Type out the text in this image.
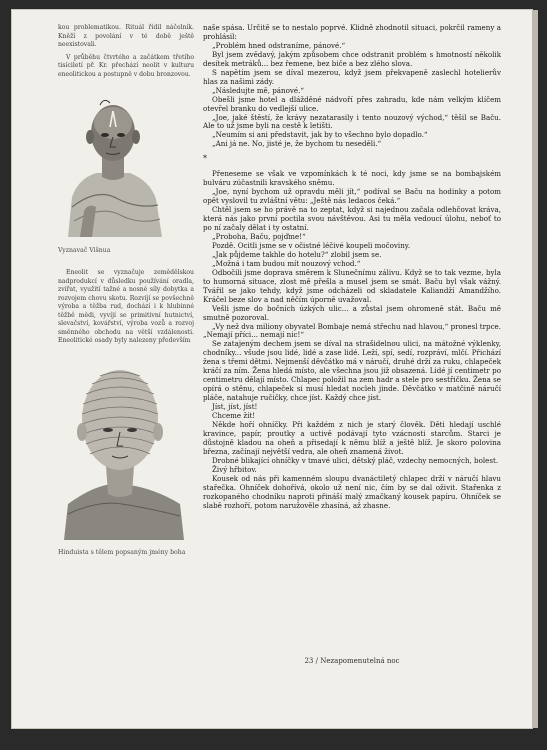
kou problematikou. Rituál řídil náčelník. Kněží z povolání v té době ještě neexistovali.

V průběhu čtvrtého a začátkem třetího tisíciletí př. Kr. přechází neolit v kulturu eneolitickou a postupně v dobu bronzovou.

Vyznavač Višnua

Eneolit se vyznačuje zemědělskou nadprodukcí v důsledku používání oradla, zvířat, využití tažné a nosné síly dobytka a rozvojem chovu skotu. Rozvíjí se povšechně výroba a těžba rud, dochází i k hlubinné těžbě mědi, vyvíjí se primitivní hutnictví, slevačství, kovářství, výroba vozů a rozvoj směnného obchodu na větší vzdálenosti. Eneolitické osady byly nalezeny především

Hinduista s tělem popsaným jmény boha

naše spása. Určitě se to nestalo poprvé. Klidně zhodnotil situaci, pokrčil rameny a prohlásil:

„Problém hned odstraníme, pánové.“

Byl jsem zvědavý, jakým způsobem chce odstranit problém s hmotností několik desítek metráků... bez řemene, bez biče a bez zlého slova.

S napětím jsem se díval mezerou, když jsem překvapeně zaslechl hotelierův hlas za našimi zády.

„Následujte mě, pánové.“

Obešli jsme hotel a dlážděné nádvoří přes zahradu, kde nám velkým klíčem otevřel branku do vedlejší ulice.

„Joe, jaké štěstí, že krávy nezatarasily i tento nouzový východ,“ těšil se Baču. Ale to už jsme byli na cestě k letišti.

„Neumím si ani představit, jak by to všechno bylo dopadlo.“

„Ani já ne. No, jisté je, že bychom tu neseděli.“

*

Přeneseme se však ve vzpomínkách k té noci, kdy jsme se na bombajském bulváru zúčastnili kravského sněmu.

„Joe, nyní bychom už opravdu měli jít,“ podíval se Baču na hodinky a potom opět vyslovil tu zvláštní větu: „Ještě nás ledacos čeká.“

Chtěl jsem se ho právě na to zeptat, když si najednou začala odlehčovat kráva, která nás jako první poctila svou návštěvou. Asi tu měla vedoucí úlohu, neboť to po ní začaly dělat i ty ostatní.

„Proboha, Baču, pojďme!“

Pozdě. Ocitli jsme se v očistné léčivé koupeli močoviny.

„Jak půjdeme takhle do hotelu?“ zlobil jsem se.

„Možná i tam budou mít nouzový vchod.“

Odbočili jsme doprava směrem k Slunečnímu zálivu. Když se to tak vezme, byla to humorná situace, zlost mě přešla a musel jsem se smát. Baču byl však vážný. Tvářil se jako tehdy, když jsme odcházeli od skladatele Kaliandží Amandžího. Kráčel beze slov a nad něčím úporně uvažoval.

Vešli jsme do bočních úzkých ulic... a zůstal jsem ohromeně stát. Baču mě smutně pozoroval.

„Vy než dva miliony obyvatel Bombaje nemá střechu nad hlavou,“ pronesl trpce. „Nemají příci... nemají nic!“

Se zatajeným dechem jsem se díval na strašidelnou ulici, na mátožné výklenky, chodníky... všude jsou lidé, lidé a zase lidé. Leží, spí, sedí, rozpráví, mlčí. Přichází žena s třemi dětmi. Nejmenší děvčátko má v náručí, druhé drží za ruku, chlapeček kráčí za ním. Žena hledá místo, ale všechna jsou již obsazená. Lidé jí centimetr po centimetru dělají místo. Chlapec položil na zem hadr a stele pro sestřičku. Žena se opírá o stěnu, chlapeček si musí hledat nocleh jinde. Děvčátko v matčině náručí pláče, natahuje ručičky, chce jíst. Každý chce jíst.

Jíst, jíst, jíst!

Chceme žít!

Někde hoří ohníčky. Při každém z nich je starý člověk. Děti hledají uschlé kravince, papír, proutky a uctivě podávají tyto vzácnosti starcům. Starci je důstojně kladou na oheň a přisedají k němu blíž a ještě blíž. Je skoro polovina března, začínají největší vedra, ale oheň znamená život.

Drobné blikající ohníčky v tmavé ulici, dětský pláč, vzdechy nemocných, bolest.

Živý hřbitov.

Kousek od nás při kamenném sloupu dvanáctiletý chlapec drží v náručí hlavu stařečka. Ohníček dohořívá, okolo už není nic, čím by se dal oživit. Stařenka z rozkopaného chodníku naproti přináší malý zmačkaný kousek papíru. Ohníček se slabě rozhoří, potom naružověle zhasíná, až zhasne.

23 / Nezapomenutelná noc
